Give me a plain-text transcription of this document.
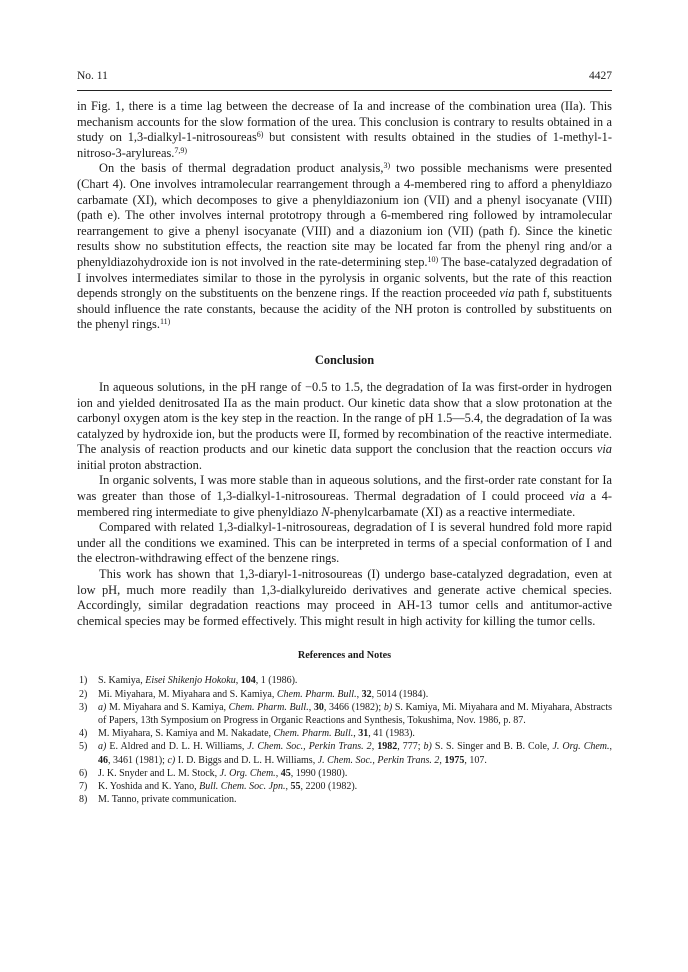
No. 11	4427

in Fig. 1, there is a time lag between the decrease of Ia and increase of the combination urea (IIa). This mechanism accounts for the slow formation of the urea. This conclusion is contrary to results obtained in a study on 1,3-dialkyl-1-nitrosoureas$^{6)}$ but consistent with results obtained in the studies of 1-methyl-1-nitroso-3-arylureas.$^{7,9)}$

On the basis of thermal degradation product analysis,$^{3)}$ two possible mechanisms were presented (Chart 4). One involves intramolecular rearrangement through a 4-membered ring to afford a phenyldiazo carbamate (XI), which decomposes to give a phenyldiazonium ion (VII) and a phenyl isocyanate (VIII) (path e). The other involves internal prototropy through a 6-membered ring followed by intramolecular rearrangement to give a phenyl isocyanate (VIII) and a diazonium ion (VII) (path f). Since the kinetic results show no substitution effects, the reaction site may be located far from the phenyl ring and/or a phenyldiazohydroxide ion is not involved in the rate-determining step.$^{10)}$ The base-catalyzed degradation of I involves intermediates similar to those in the pyrolysis in organic solvents, but the rate of this reaction depends strongly on the substituents on the benzene rings. If the reaction proceeded via path f, substituents should influence the rate constants, because the acidity of the NH proton is controlled by substituents on the phenyl rings.$^{11)}$

Conclusion

In aqueous solutions, in the pH range of −0.5 to 1.5, the degradation of Ia was first-order in hydrogen ion and yielded denitrosated IIa as the main product. Our kinetic data show that a slow protonation at the carbonyl oxygen atom is the key step in the reaction. In the range of pH 1.5—5.4, the degradation of Ia was catalyzed by hydroxide ion, but the products were II, formed by recombination of the reactive intermediate. The analysis of reaction products and our kinetic data support the conclusion that the reaction occurs via initial proton abstraction.

In organic solvents, I was more stable than in aqueous solutions, and the first-order rate constant for Ia was greater than those of 1,3-dialkyl-1-nitrosoureas. Thermal degradation of I could proceed via a 4-membered ring intermediate to give phenyldiazo N-phenylcarbamate (XI) as a reactive intermediate.

Compared with related 1,3-dialkyl-1-nitrosoureas, degradation of I is several hundred fold more rapid under all the conditions we examined. This can be interpreted in terms of a special conformation of I and the electron-withdrawing effect of the benzene rings.

This work has shown that 1,3-diaryl-1-nitrosoureas (I) undergo base-catalyzed degradation, even at low pH, much more readily than 1,3-dialkylureido derivatives and generate active chemical species. Accordingly, similar degradation reactions may proceed in AH-13 tumor cells and antitumor-active chemical species may be formed effectively. This might result in high activity for killing the tumor cells.

References and Notes
1) S. Kamiya, Eisei Shikenjo Hokoku, 104, 1 (1986).
2) Mi. Miyahara, M. Miyahara and S. Kamiya, Chem. Pharm. Bull., 32, 5014 (1984).
3) a) M. Miyahara and S. Kamiya, Chem. Pharm. Bull., 30, 3466 (1982); b) S. Kamiya, Mi. Miyahara and M. Miyahara, Abstracts of Papers, 13th Symposium on Progress in Organic Reactions and Synthesis, Tokushima, Nov. 1986, p. 87.
4) M. Miyahara, S. Kamiya and M. Nakadate, Chem. Pharm. Bull., 31, 41 (1983).
5) a) E. Aldred and D. L. H. Williams, J. Chem. Soc., Perkin Trans. 2, 1982, 777; b) S. S. Singer and B. B. Cole, J. Org. Chem., 46, 3461 (1981); c) I. D. Biggs and D. L. H. Williams, J. Chem. Soc., Perkin Trans. 2, 1975, 107.
6) J. K. Snyder and L. M. Stock, J. Org. Chem., 45, 1990 (1980).
7) K. Yoshida and K. Yano, Bull. Chem. Soc. Jpn., 55, 2200 (1982).
8) M. Tanno, private communication.
